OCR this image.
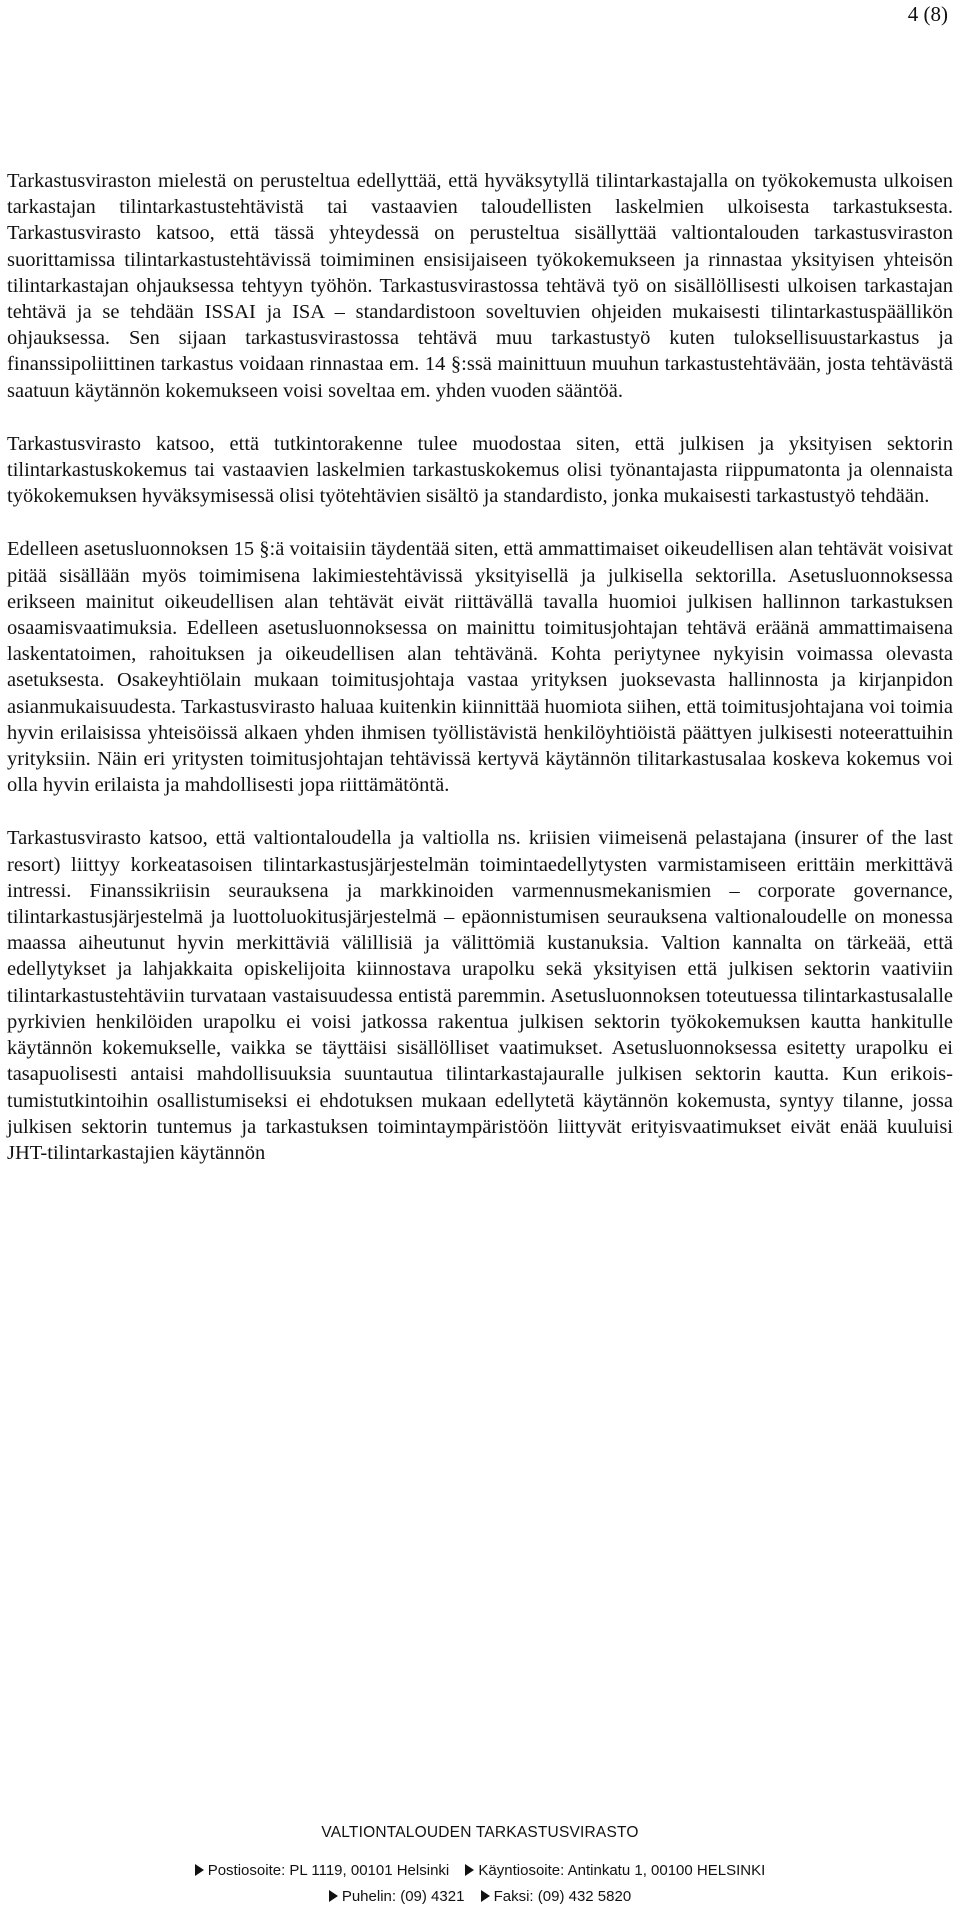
4 (8)

Tarkastusviraston mielestä on perusteltua edellyttää, että hyväksytyllä tilintarkastajalla on työkokemusta ulkoisen tarkastajan tilintarkastustehtävistä tai vastaavien taloudellisten laskelmien ulkoisesta tarkastuksesta. Tarkastusvirasto katsoo, että tässä yhteydessä on perusteltua sisällyttää valtiontalouden tarkastusviraston suorittamissa tilintarkastustehtävissä toimiminen ensisijaiseen työkokemukseen ja rinnastaa yksityisen yhteisön tilintarkastajan ohjauksessa tehtyyn työhön. Tarkastusvirastossa tehtävä työ on sisällöllisesti ulkoisen tarkastajan tehtävä ja se tehdään ISSAI ja ISA – standardistoon soveltuvien ohjeiden mukaisesti tilintarkastuspäällikön ohjauksessa. Sen sijaan tarkastusvirastossa tehtävä muu tarkastustyö kuten tuloksellisuustarkastus ja finanssipoliittinen tarkastus voidaan rinnastaa em. 14 §:ssä mainittuun muuhun tarkastustehtävään, josta tehtävästä saatuun käytännön kokemukseen voisi soveltaa em. yhden vuoden sääntöä.

Tarkastusvirasto katsoo, että tutkintorakenne tulee muodostaa siten, että julkisen ja yksityisen sektorin tilintarkastuskokemus tai vastaavien laskelmien tarkastuskokemus olisi työnantajasta riippumatonta ja olennaista työkokemuksen hyväksymisessä olisi työtehtävien sisältö ja standardisto, jonka mukaisesti tarkastustyö tehdään.

Edelleen asetusluonnoksen 15 §:ä voitaisiin täydentää siten, että ammattimaiset oikeudellisen alan tehtävät voisivat pitää sisällään myös toimimisena lakimiestehtävissä yksityisellä ja julkisella sektorilla. Asetusluonnoksessa erikseen mainitut oikeudellisen alan tehtävät eivät riittävällä tavalla huomioi julkisen hallinnon tarkastuksen osaamisvaatimuksia. Edelleen asetusluonnoksessa on mainittu toimitusjohtajan tehtävä eräänä ammattimaisena laskentatoimen, rahoituksen ja oikeudellisen alan tehtävänä. Kohta periytynee nykyisin voimassa olevasta asetuksesta. Osakeyhtiölain mukaan toimitusjohtaja vastaa yrityksen juoksevasta hallinnosta ja kirjanpidon asianmukaisuudesta. Tarkastusvirasto haluaa kuitenkin kiinnittää huomiota siihen, että toimitusjohtajana voi toimia hyvin erilaisissa yhteisöissä alkaen yhden ihmisen työllistävistä henkilöyhtiöistä päättyen julkisesti noteerattuihin yrityksiin. Näin eri yritysten toimitusjohtajan tehtävissä kertyvä käytännön tilitarkastusalaa koskeva kokemus voi olla hyvin erilaista ja mahdollisesti jopa riittämätöntä.

Tarkastusvirasto katsoo, että valtiontaloudella ja valtiolla ns. kriisien viimeisenä pelastajana (insurer of the last resort) liittyy korkeatasoisen tilintarkastusjärjestelmän toimintaedellytysten varmistamiseen erittäin merkittävä intressi. Finanssikriisin seurauksena ja markkinoiden varmennusmekanismien – corporate governance, tilintarkastusjärjestelmä ja luottoluokitusjärjestelmä – epäonnistumisen seurauksena valtionaloudelle on monessa maassa aiheutunut hyvin merkittäviä välillisiä ja välittömiä kustanuksia. Valtion kannalta on tärkeää, että edellytykset ja lahjakkaita opiskelijoita kiinnostava urapolku sekä yksityisen että julkisen sektorin vaativiin tilintarkastustehtäviin turvataan vastaisuudessa entistä paremmin. Asetusluonnoksen toteutuessa tilintarkastusalalle pyrkivien henkilöiden urapolku ei voisi jatkossa rakentua julkisen sektorin työkokemuksen kautta hankitulle käytännön kokemukselle, vaikka se täyttäisi sisällölliset vaatimukset. Asetusluonnoksessa esitetty urapolku ei tasapuolisesti antaisi mahdollisuuksia suuntautua tilintarkastajauralle julkisen sektorin kautta. Kun erikoistumistutkintoihin osallistumiseksi ei ehdotuksen mukaan edellytetä käytännön kokemusta, syntyy tilanne, jossa julkisen sektorin tuntemus ja tarkastuksen toimintaympäristöön liittyvät erityisvaatimukset eivät enää kuuluisi JHT-tilintarkastajien käytännön

VALTIONTALOUDEN TARKASTUSVIRASTO
Postiosoite: PL 1119, 00101 Helsinki Käyntiosoite: Antinkatu 1, 00100 HELSINKI
Puhelin: (09) 4321 Faksi: (09) 432 5820
